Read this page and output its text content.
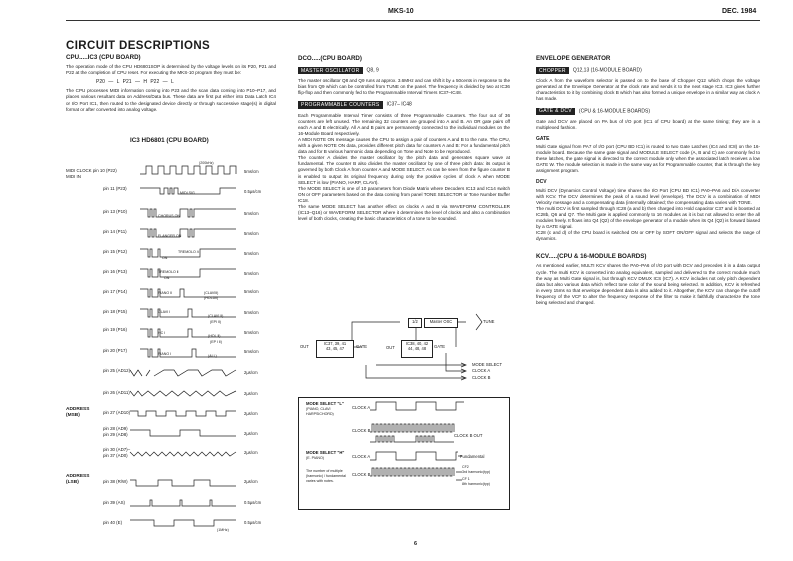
MKS-10	DEC. 1984
CIRCUIT DESCRIPTIONS
CPU.....IC3 (CPU BOARD)

The operation mode of the CPU HD6801SOP is determined by the voltage levels on its P20, P21 and P22 at the completion of CPU reset. For executing the MKS-10 program they must be:

P20 — L P21 — H P22 — L

The CPU processes MIDI information coming into P23 and the scan data coming into P10–P17, and places various resultant data on Address/Data bus. These data are first put either into Data Latch IC4 or I/O Port IC1, then routed to the designated device directly or through successive stage(s) in digital format or after converted into analog voltage.

IC3 HD6801 (CPU BOARD)
(200kHz)
MIDI CLOCK pin 10 (P22)
MIDI IN
5ms/cm
pin 11 (P23)
MIDI SIG	0.5µs/cm
pin 13 (P10)
CHORUS ON	5ms/cm
pin 14 (P11)
FLANGER ON	5ms/cm
pin 15 (P12)	TREMOLO Λ
ON
5ms/cm
pin 16 (P13)	TREMOLO Ⅱ
ON
5ms/cm
pin 17 (P14)	PIANO Ⅱ	(CLAVIⅡ)
(HOLDⅡ)
5ms/cm
pin 18 (P15)	CLAVI I
(CLAVI Ⅱ)
(EPI Ⅱ)
5ms/cm
pin 19 (P16)
HC I
(HOL Ⅱ)
(EP I Ⅱ)
5ms/cm
pin 20 (P17)
PIANO I	(ALL)
5ms/cm
pin 25 (AD12)	2µs/cm
pin 26 (AD11)	2µs/cm
ADDRESS
(MSB)	pin 27 (AD10)	2µs/cm
pin 28 (AD9)
pin 29 (AD8)	2µs/cm
pin 30 (AD7)–
pin 37 (AD0)
2µs/cm
ADDRESS
(LSB)	pin 38 (R/W)	2µs/cm
pin 39 (AS)	0.5µs/cm
pin 40 (E)	0.5µs/cm
(1MHz)
DCO.....(CPU BOARD)
MASTER OSCILLATOR Q8, 9

The master oscillator Q8 and Q9 runs at approx. 3.6MHz and can shift it by ± 50cents in response to the bias from Q9 which can be controlled from TUNE on the panel. The frequency is divided by two at IC36 flip-flop and then commonly fed to the Programmable Interval Timers IC37–IC48.

PROGRAMMABLE COUNTERS IC37– IC48

Each Programmable Interval Timer consists of three Programmable Counters. The four out of 36 counters are left unused. The remaining 32 counters are grouped into A and B. An OR gate pairs off each A and B electrically. All A and B pairs are permanently connected to the individual modules on the 16-Module Board respectively.

A MIDI NOTE ON message causes the CPU to assign a pair of counters A and B to the note. The CPU, with a given NOTE ON data, provides different pitch data for counters A and B: For a fundamental pitch data and for B various harmonic data depending on Tone and Note to be reproduced.

The counter A divides the master oscillator by the pitch data and generates square wave at fundamental. The counter B also divides the master oscillator by one of three pitch data: its output is governed by both Clock A from counter A and MODE SELECT. As can be seen from the figure counter B is enabled to output its original frequency during only the positive cycles of clock A when MODE SELECT is low (PIANO, HARP, CLAVI).

The MODE SELECT is one of 10 parameters from Diode Matrix where Decoders IC13 and IC14 switch ON or OFF parameters based on the data coming from panel TONE SELECTOR or Tone Number Buffer IC18.

The same MODE SELECT has another effect on clocks A and B via WAVEFORM CONTROLLER (IC13–Q16) or WAVEFORM SELECTOR where it determines the level of clocks and also a combination level of both clocks, creating the basic characteristics of a tone to be sounded.

1/2	Master OSC	TUNE
OUT
IC37, 39, 41
43, 45, 47	GATE	OUT
IC38, 40, 42
44, 48, 48	GATE
MODE SELECT
CLOCK A
CLOCK B
MODE SELECT "L"
(PIANO, CLAVI
HARPSICHORD)
CLOCK A
CLOCK B
CLOCK B OUT
MODE SELECT "H"
(E. PIANO)	CLOCK A	Fundamental
The number of multiple
(harmonic) / fundamental
varies with notes.
CLOCK B
CF2
3rd harmonic(typ)
CF 1
8th harmonic(typ)
ENVELOPE GENERATOR
CHOPPER Q12,13 (16-MODULE BOARD)

Clock A from the waveform selector is passed on to the base of Chopper Q12 which chops the voltage generated at the Envelope Generator at the clock rate and sends it to the next stage IC3. IC3 gives further characteristics to it by combining clock B which has also formed a unique envelope in a similar way as clock A has made.

GATE & DCV (CPU & 16-MODULE BOARDS)

Gate and DCV are placed on PA bus of I/O port (IC1 of CPU board) at the same timing; they are in a multiplexed fashion.

GATE

Multi Gate signal from PA7 of I/O port (CPU BD IC1) is routed to two Gate Latches (IC4 and IC8) on the 16-module board. Because the same gate signal and MODULE SELECT code (A, B and C) are commonly fed to these latches, the gate signal is directed to the correct module only when the associated latch receives a low GATE W. The module selection is made in the same way as for Programmable counter, that is through the key assignment program.

DCV

Multi DCV (Dynamics Control Voltage) time shares the I/O Port (CPU BD IC1) PA0–PA6 and D/A converter with KCV. The DCV determines the peak of a sound level (envelope). The DCV is a combination of MIDI Velocity message and a compensating data (internally obtained; the compensating data varies with TONE.

The multi DCV is first sampled through IC28 (a and b) then charged into Hold capacitor C37 and is boosted at IC28b, Q6 and Q7. The Multi gate is applied commonly to 16 modules as it is but not allowed to enter the all modules freely. It flows into Q4 (Q2) of the envelope generator of a module when its Q4 (Q2) is forward biased by a GATE signal.

IC28 (c and d) of the CPU board is switched ON or OFF by SOFT ON/OFF signal and selects the range of dynamics.

KCV.....(CPU & 16-MODULE BOARDS)

As mentioned earlier, MULTI KCV shares the PA0–PA6 of I/O port with DCV and precedes it in a data output cycle. The multi KCV is converted into analog equivalent, sampled and delivered to the correct module much the way as Multi Gate signal is, but through KCV DMUX ICS (IC7). A KCV includes not only pitch dependent data but also various data which reflect tone color of the sound being selected. In addition, KCV is refreshed in every 15ms so that envelope dependent data is also added to it. Altogether, the KCV can change the cutoff frequency of the VCF to alter the frequency response of the filter to make it faithfully characterize the tone being selected and changed.

6
